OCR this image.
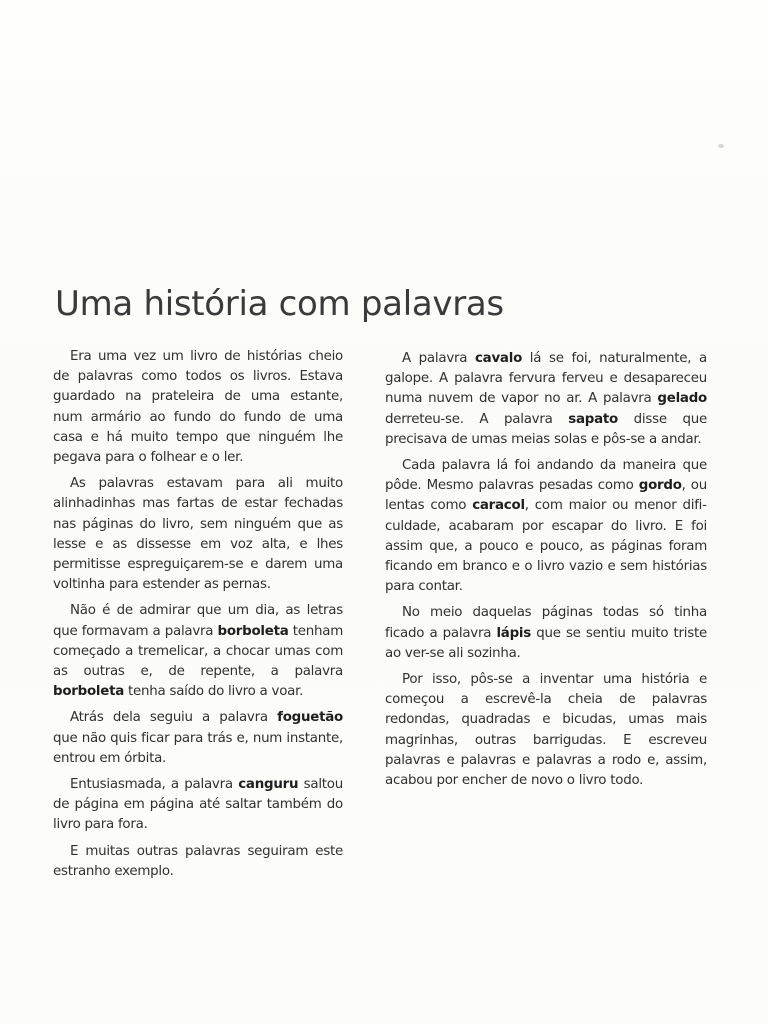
Uma história com palavras

Era uma vez um livro de histórias cheio de palavras como todos os livros. Estava guardado na prateleira de uma estante, num armário ao fundo do fundo de uma casa e há muito tempo que ninguém lhe pegava para o folhear e o ler.

As palavras estavam para ali muito alinhadinhas mas fartas de estar fechadas nas páginas do livro, sem ninguém que as lesse e as dissesse em voz alta, e lhes permitisse espreguiçarem-se e darem uma voltinha para estender as pernas.

Não é de admirar que um dia, as letras que formavam a palavra borboleta tenham começado a tremelicar, a chocar umas com as outras e, de repente, a palavra borboleta tenha saído do livro a voar.

Atrás dela seguiu a palavra foguetão que não quis ficar para trás e, num instante, entrou em órbita.

Entusiasmada, a palavra canguru saltou de página em página até saltar também do livro para fora.

E muitas outras palavras seguiram este estranho exemplo.

A palavra cavalo lá se foi, naturalmente, a galope. A palavra fervura ferveu e desapareceu numa nuvem de vapor no ar. A palavra gelado derreteu-se. A palavra sapato disse que precisava de umas meias solas e pôs-se a andar.

Cada palavra lá foi andando da maneira que pôde. Mesmo palavras pesadas como gordo, ou lentas como caracol, com maior ou menor dificuldade, acabaram por escapar do livro. E foi assim que, a pouco e pouco, as páginas foram ficando em branco e o livro vazio e sem histórias para contar.

No meio daquelas páginas todas só tinha ficado a palavra lápis que se sentiu muito triste ao ver-se ali sozinha.

Por isso, pôs-se a inventar uma história e começou a escrevê-la cheia de palavras redondas, quadradas e bicudas, umas mais magrinhas, outras barrigudas. E escreveu palavras e palavras e palavras a rodo e, assim, acabou por encher de novo o livro todo.
